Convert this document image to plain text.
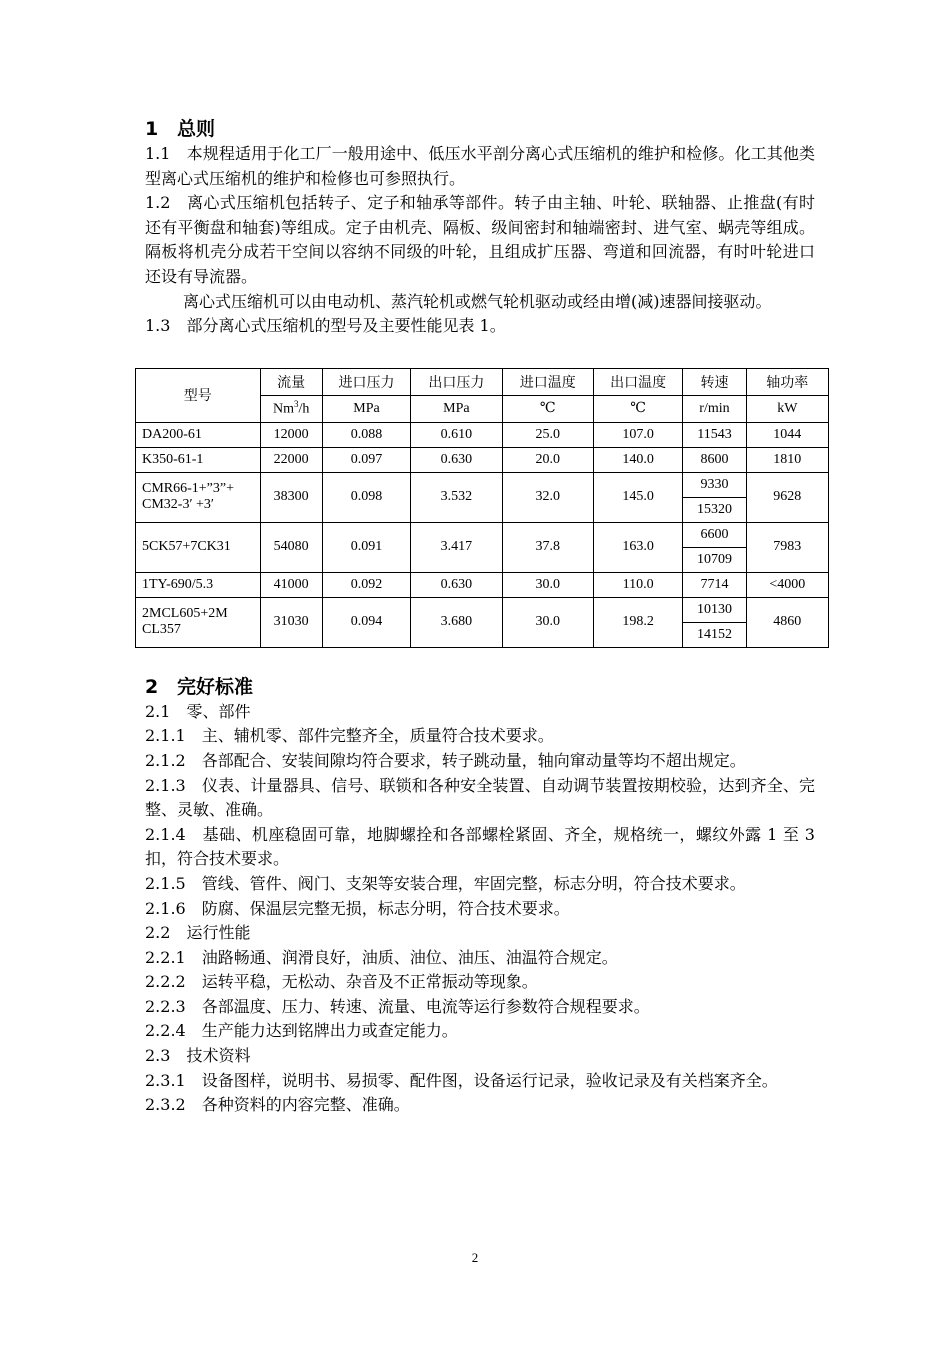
1 总则

1.1　本规程适用于化工厂一般用途中、低压水平剖分离心式压缩机的维护和检修。化工其他类型离心式压缩机的维护和检修也可参照执行。

1.2　离心式压缩机包括转子、定子和轴承等部件。转子由主轴、叶轮、联轴器、止推盘(有时还有平衡盘和轴套)等组成。定子由机壳、隔板、级间密封和轴端密封、进气室、蜗壳等组成。隔板将机壳分成若干空间以容纳不同级的叶轮，且组成扩压器、弯道和回流器，有时叶轮进口还设有导流器。

离心式压缩机可以由电动机、蒸汽轮机或燃气轮机驱动或经由增(减)速器间接驱动。

1.3　部分离心式压缩机的型号及主要性能见表 1。

型号	流量	进口压力	出口压力	进口温度	出口温度	转速	轴功率
	Nm$^3$/h	MPa	MPa	℃	℃	r/min	kW
DA200-61	12000	0.088	0.610	25.0	107.0	11543	1044
K350-61-1	22000	0.097	0.630	20.0	140.0	8600	1810
CMR66-1+”3”+
CM32-3′ +3′	38300	0.098	3.532	32.0	145.0	9330	9628
						15320	
5CK57+7CK31	54080	0.091	3.417	37.8	163.0	6600	7983
						10709	
1TY-690/5.3	41000	0.092	0.630	30.0	110.0	7714	<4000
2MCL605+2M
CL357	31030	0.094	3.680	30.0	198.2	10130	4860
						14152	
2 完好标准

2.1　零、部件

2.1.1　主、辅机零、部件完整齐全，质量符合技术要求。

2.1.2　各部配合、安装间隙均符合要求，转子跳动量，轴向窜动量等均不超出规定。

2.1.3　仪表、计量器具、信号、联锁和各种安全装置、自动调节装置按期校验，达到齐全、完整、灵敏、准确。

2.1.4　基础、机座稳固可靠，地脚螺拴和各部螺栓紧固、齐全，规格统一，螺纹外露 1 至 3 扣，符合技术要求。

2.1.5　管线、管件、阀门、支架等安装合理，牢固完整，标志分明，符合技术要求。

2.1.6　防腐、保温层完整无损，标志分明，符合技术要求。

2.2　运行性能

2.2.1　油路畅通、润滑良好，油质、油位、油压、油温符合规定。

2.2.2　运转平稳，无松动、杂音及不正常振动等现象。

2.2.3　各部温度、压力、转速、流量、电流等运行参数符合规程要求。

2.2.4　生产能力达到铭牌出力或查定能力。

2.3　技术资料

2.3.1　设备图样，说明书、易损零、配件图，设备运行记录，验收记录及有关档案齐全。

2.3.2　各种资料的内容完整、准确。

2
